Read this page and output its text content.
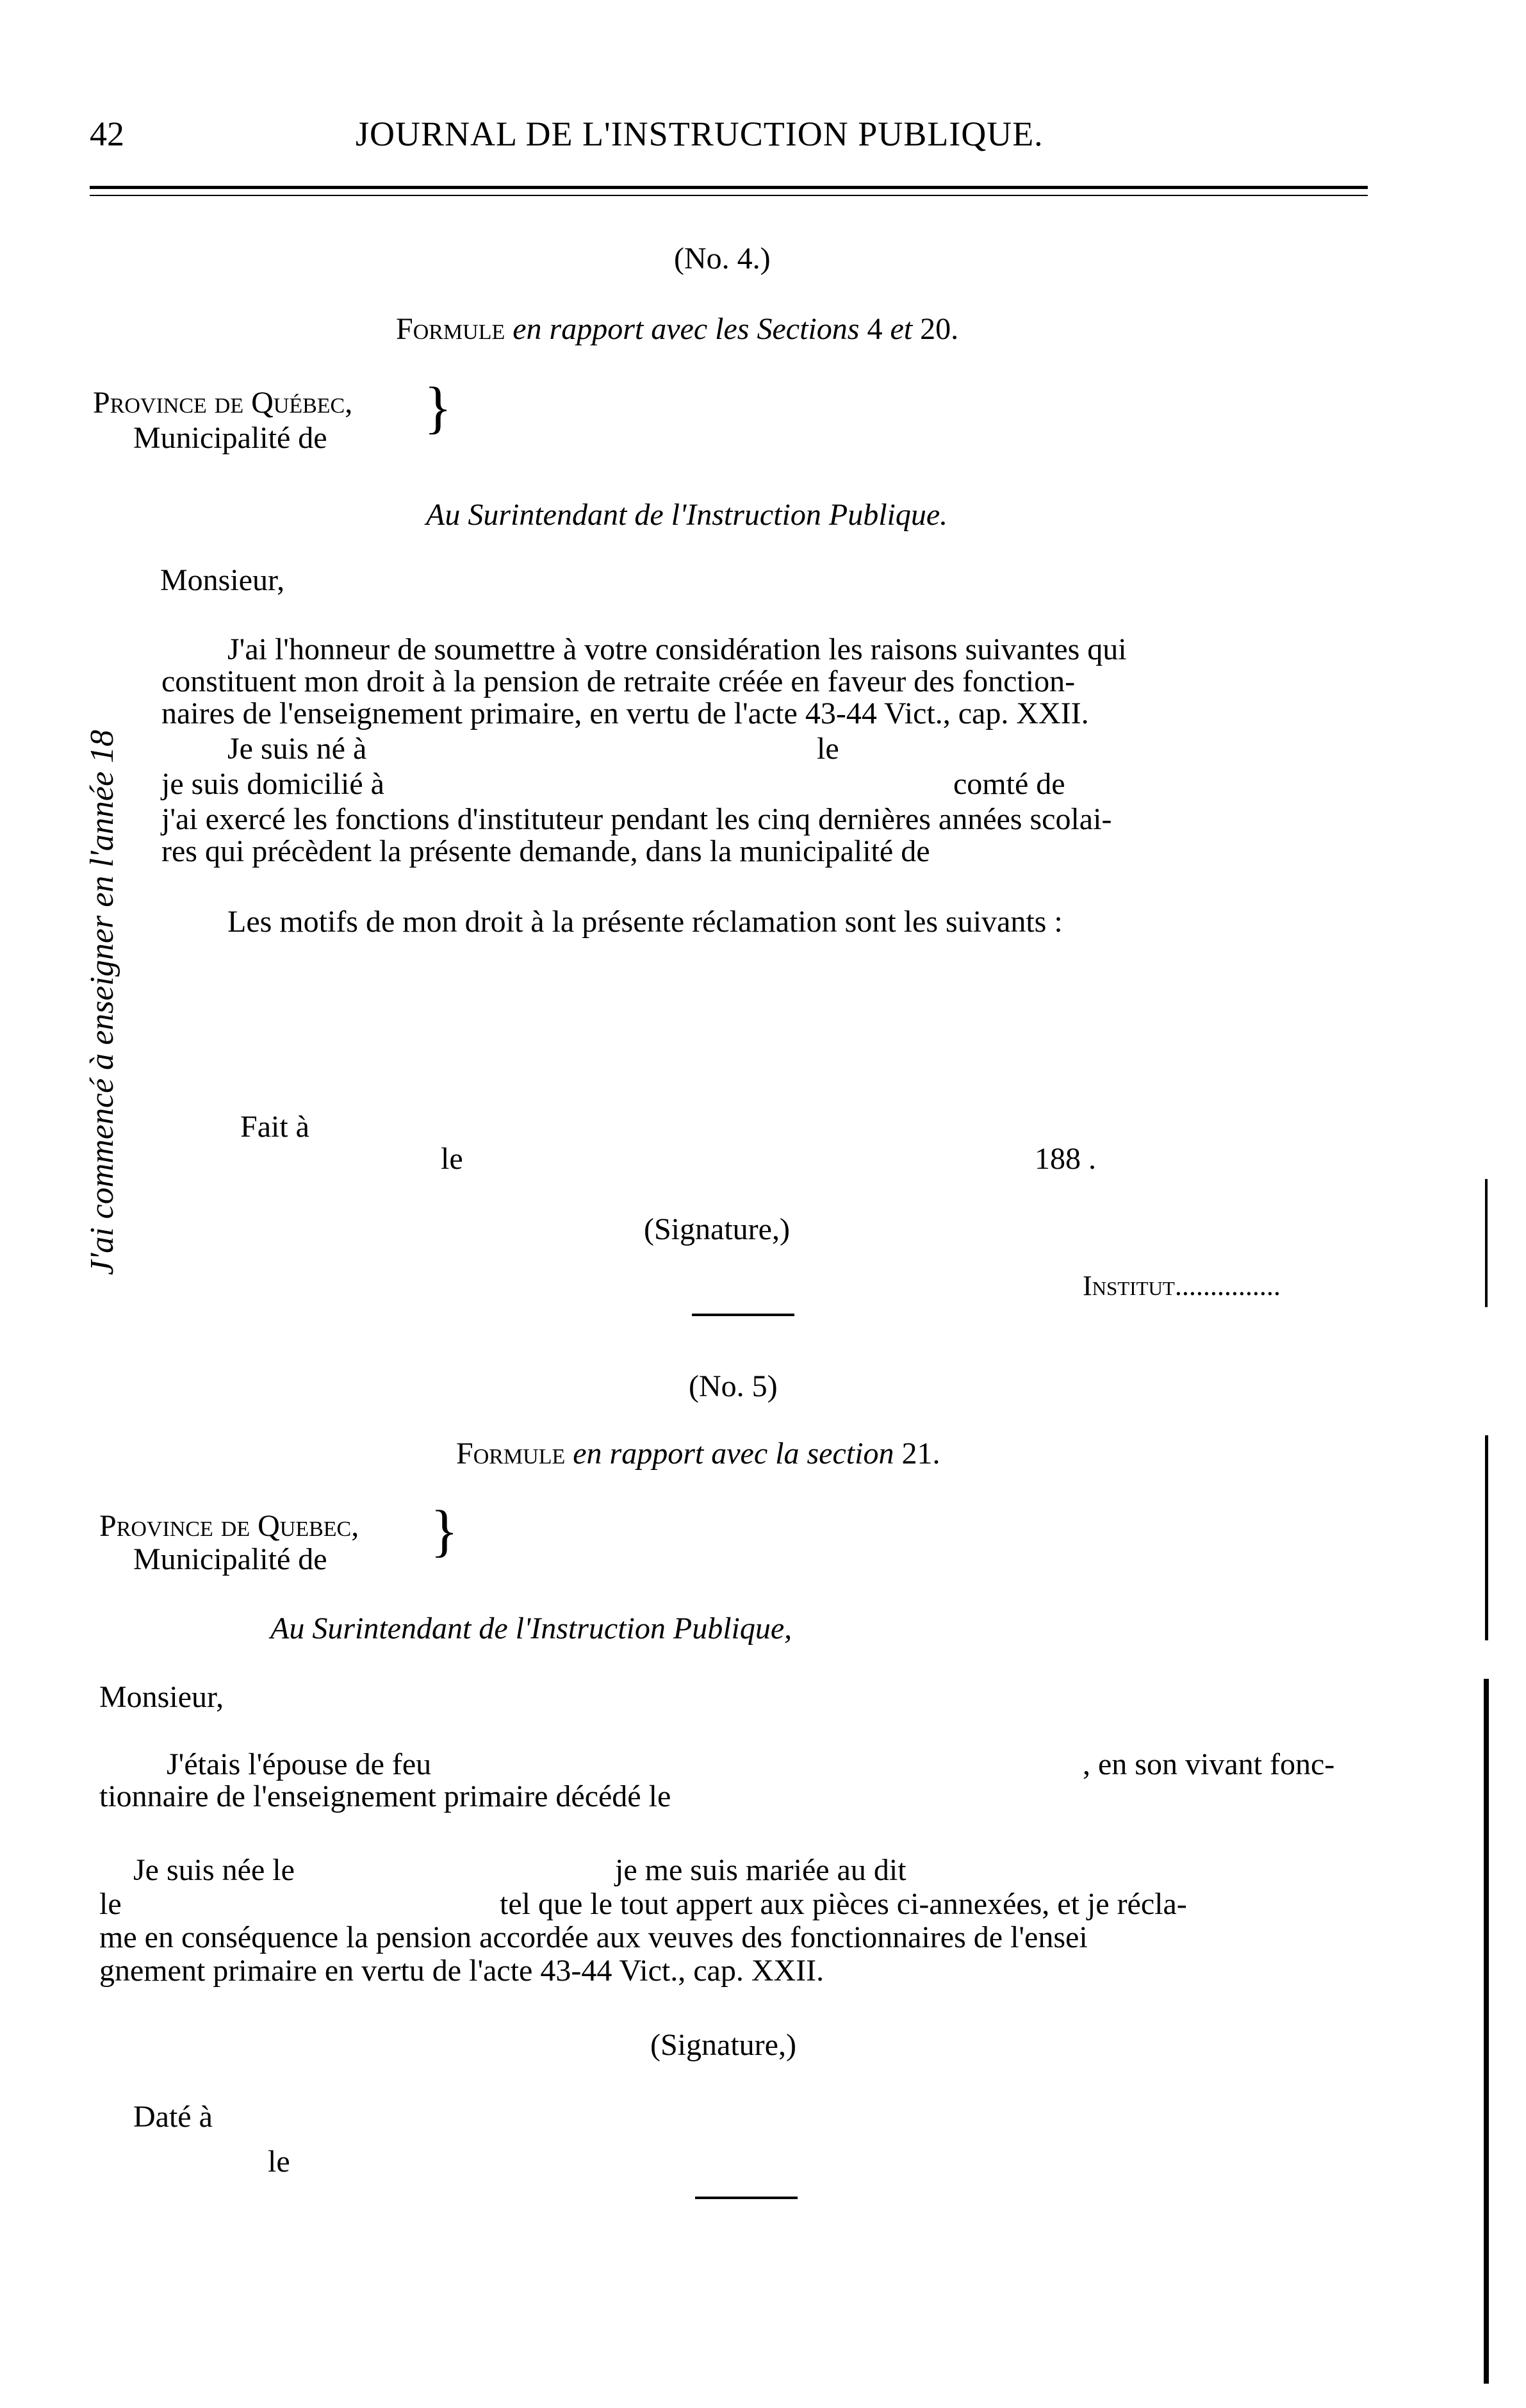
42	JOURNAL DE L'INSTRUCTION PUBLIQUE.
J'ai commencé à enseigner en l'année 18
(No. 4.)
Formule en rapport avec les Sections 4 et 20.
Province de Québec, }
Municipalité de
Au Surintendant de l'Instruction Publique.
Monsieur,
J'ai l'honneur de soumettre à votre considération les raisons suivantes qui
constituent mon droit à la pension de retraite créée en faveur des fonction-
naires de l'enseignement primaire, en vertu de l'acte 43-44 Vict., cap. XXII.
Je suis né à	le
je suis domicilié à	comté de
j'ai exercé les fonctions d'instituteur pendant les cinq dernières années scolai-
res qui précèdent la présente demande, dans la municipalité de
Les motifs de mon droit à la présente réclamation sont les suivants :
Fait à
le	188 .
(Signature,)
Institut...............
(No. 5)
Formule en rapport avec la section 21.
Province de Quebec, }
Municipalité de
Au Surintendant de l'Instruction Publique,
Monsieur,
J'étais l'épouse de feu	, en son vivant fonc-
tionnaire de l'enseignement primaire décédé le
Je suis née le	je me suis mariée au dit
le	tel que le tout appert aux pièces ci-annexées, et je récla-
me en conséquence la pension accordée aux veuves des fonctionnaires de l'ensei
gnement primaire en vertu de l'acte 43-44 Vict., cap. XXII.
(Signature,)
Daté à
le
